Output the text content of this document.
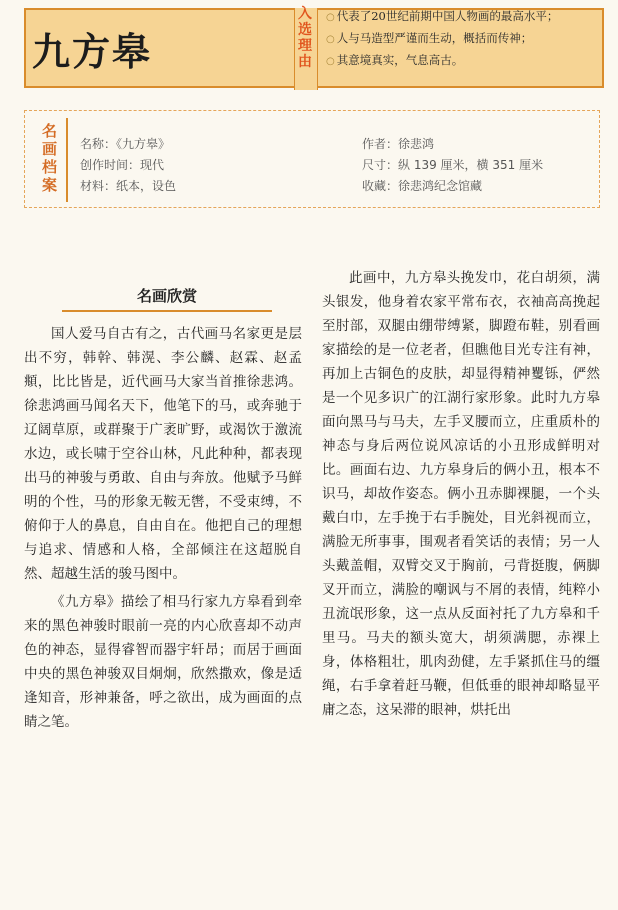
九方皋
入选理由
○ 代表了20世纪前期中国人物画的最高水平；
○ 人与马造型严谨而生动，概括而传神；
○ 其意境真实，气息高古。
名画档案
名称：《九方皋》
创作时间：现代
材料：纸本，设色
作者：徐悲鸿
尺寸：纵 139 厘米，横 351 厘米
收藏：徐悲鸿纪念馆藏
名画欣赏

国人爱马自古有之，古代画马名家更是层出不穷，韩幹、韩滉、李公麟、赵霖、赵孟頫，比比皆是，近代画马大家当首推徐悲鸿。徐悲鸿画马闻名天下，他笔下的马，或奔驰于辽阔草原，或群聚于广袤旷野，或渴饮于激流水边，或长啸于空谷山林，凡此种种，都表现出马的神骏与勇敢、自由与奔放。他赋予马鲜明的个性，马的形象无鞍无辔，不受束缚，不俯仰于人的鼻息，自由自在。他把自己的理想与追求、情感和人格，全部倾注在这超脱自然、超越生活的骏马图中。

《九方皋》描绘了相马行家九方皋看到牵来的黑色神骏时眼前一亮的内心欣喜却不动声色的神态，显得睿智而器宇轩昂；而居于画面中央的黑色神骏双目炯炯，欣然撒欢，像是适逢知音，形神兼备，呼之欲出，成为画面的点睛之笔。

此画中，九方皋头挽发巾，花白胡须，满头银发，他身着农家平常布衣，衣袖高高挽起至肘部，双腿由绷带缚紧，脚蹬布鞋，别看画家描绘的是一位老者，但瞧他目光专注有神，再加上古铜色的皮肤，却显得精神矍铄，俨然是一个见多识广的江湖行家形象。此时九方皋面向黑马与马夫，左手叉腰而立，庄重质朴的神态与身后两位说风凉话的小丑形成鲜明对比。画面右边、九方皋身后的俩小丑，根本不识马，却故作姿态。俩小丑赤脚裸腿，一个头戴白巾，左手挽于右手腕处，目光斜视而立，满脸无所事事，围观者看笑话的表情；另一人头戴盖帽，双臂交叉于胸前，弓背挺腹，俩脚叉开而立，满脸的嘲讽与不屑的表情，纯粹小丑流氓形象，这一点从反面衬托了九方皋和千里马。马夫的额头宽大，胡须满腮，赤裸上身，体格粗壮，肌肉劲健，左手紧抓住马的缰绳，右手拿着赶马鞭，但低垂的眼神却略显平庸之态，这呆滞的眼神，烘托出
